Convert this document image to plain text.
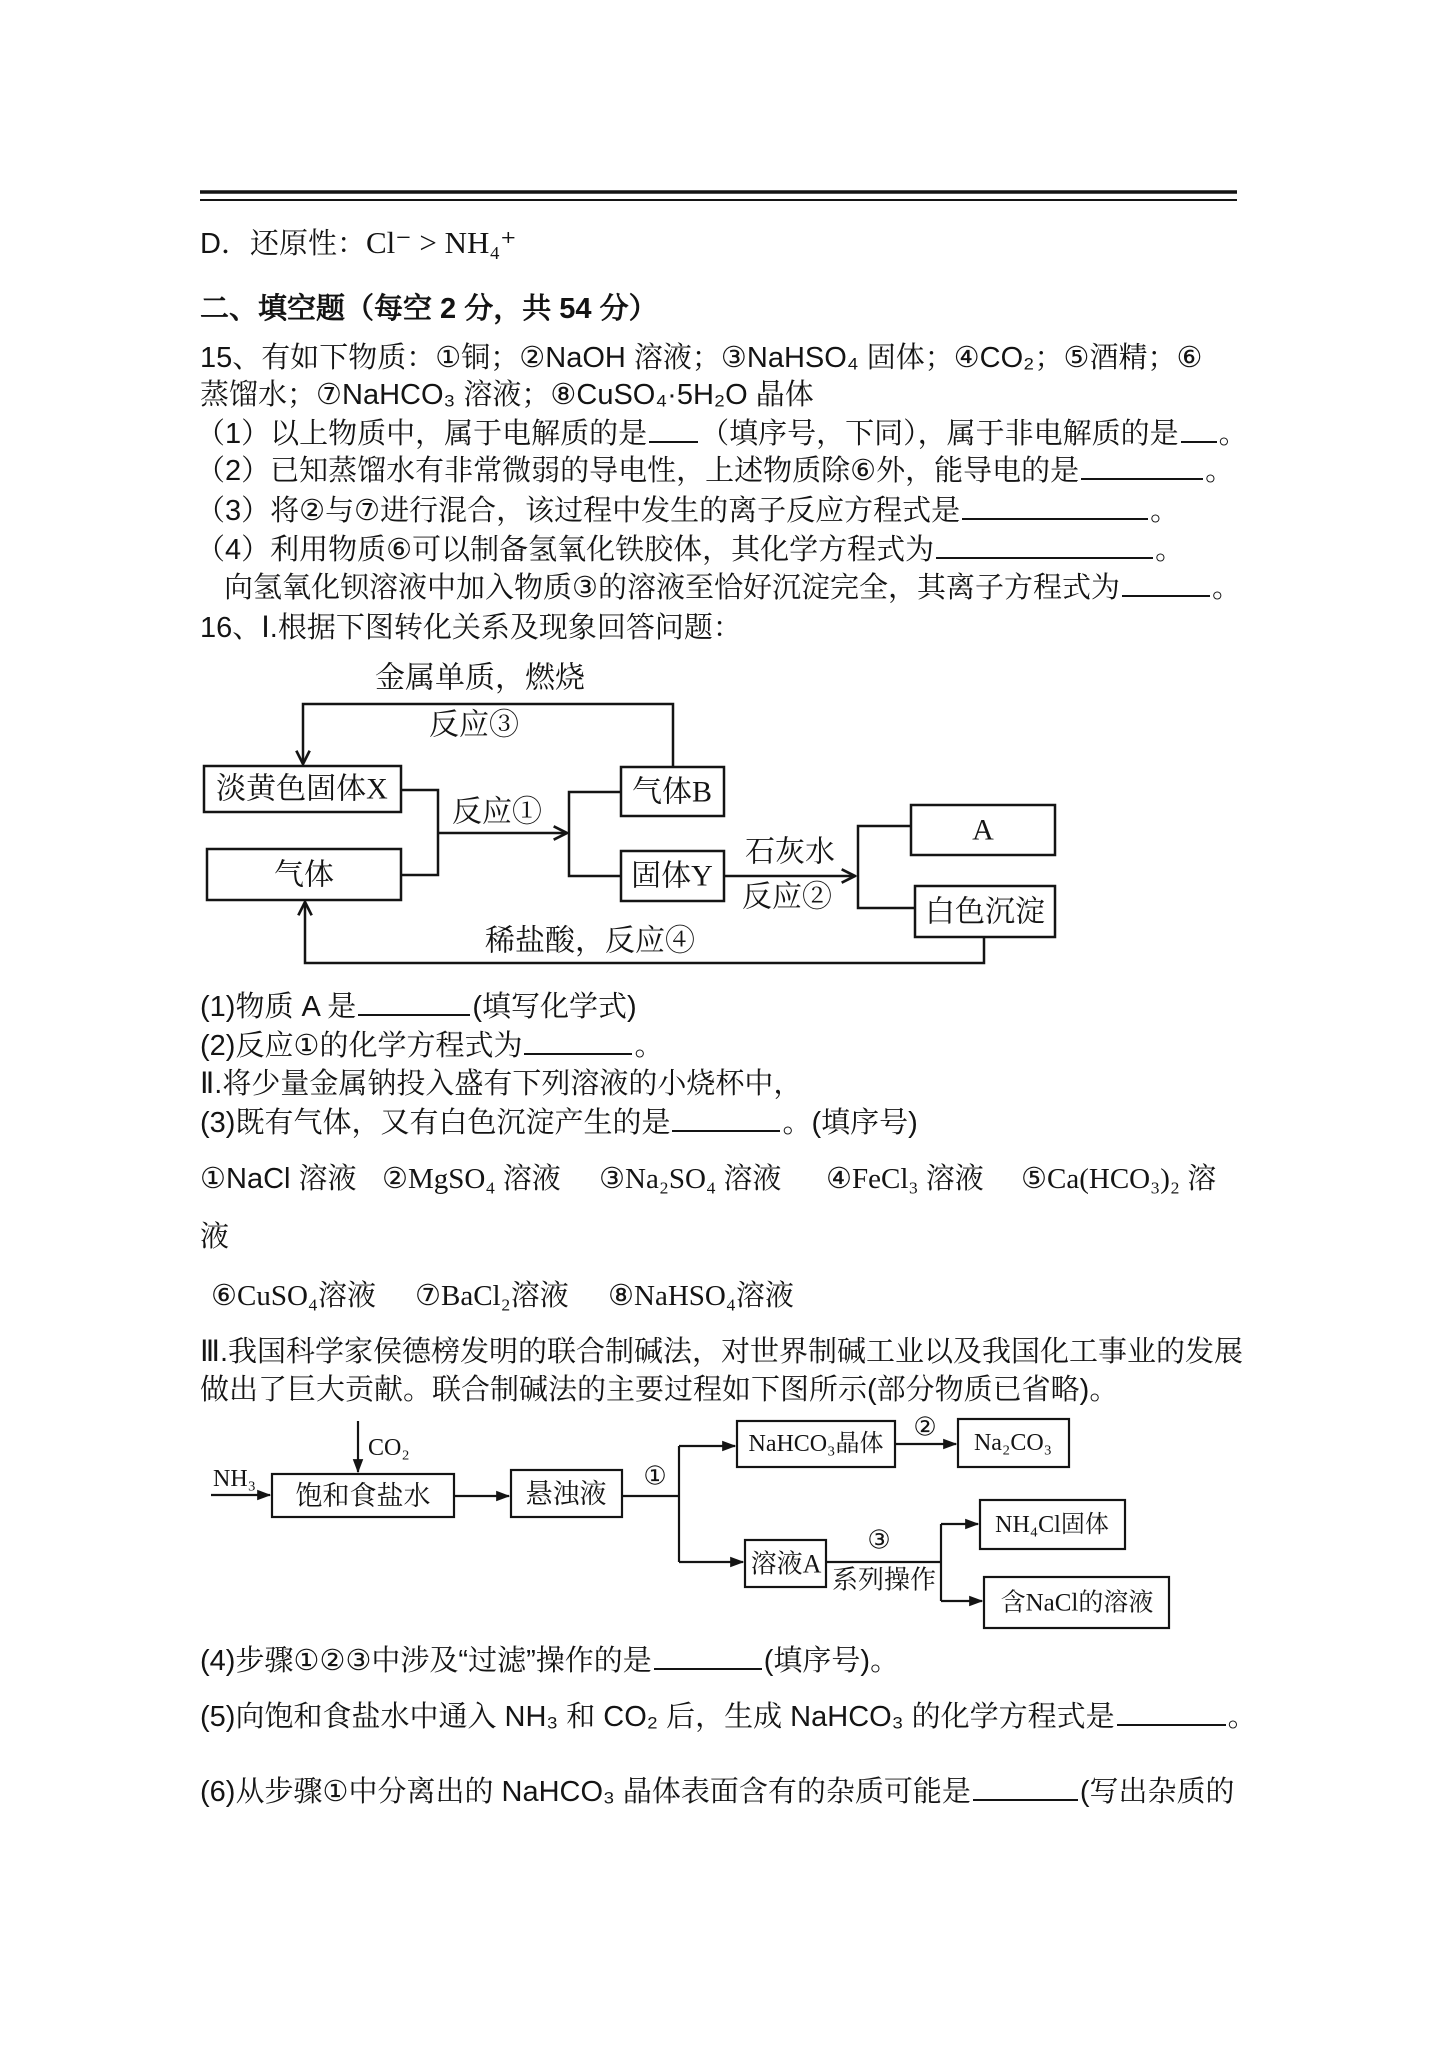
金属单质，燃烧
反应③
淡黄色固体X
气体
反应①
气体B
固体Y
石灰水
反应②
A
白色沉淀
稀盐酸，反应④
CO₂
NH₃
饱和食盐水	悬浊液
①
NaHCO₃晶体
②
Na₂CO₃
溶液A
③
系列操作
NH₄Cl固体
含NaCl的溶液
D．还原性：Cl⁻ > NH₄⁺
二、填空题（每空 2 分，共 54 分）
15、有如下物质：①铜；②NaOH 溶液；③NaHSO₄ 固体；④CO₂；⑤酒精；⑥
蒸馏水；⑦NaHCO₃ 溶液；⑧CuSO₄·5H₂O 晶体
（1）以上物质中，属于电解质的是 （填序号，下同），属于非电解质的是 。
（2）已知蒸馏水有非常微弱的导电性，上述物质除⑥外，能导电的是	。
（3）将②与⑦进行混合，该过程中发生的离子反应方程式是	。
（4）利用物质⑥可以制备氢氧化铁胶体，其化学方程式为	。
向氢氧化钡溶液中加入物质③的溶液至恰好沉淀完全，其离子方程式为	。
16、Ⅰ.根据下图转化关系及现象回答问题：
(1)物质 A 是	(填写化学式)
(2)反应①的化学方程式为	。
Ⅱ.将少量金属钠投入盛有下列溶液的小烧杯中，
(3)既有气体，又有白色沉淀产生的是	。(填序号)
①NaCl 溶液 ②MgSO₄ 溶液 ③Na₂SO₄ 溶液 ④FeCl₃ 溶液 ⑤Ca(HCO₃)₂ 溶
液
⑥CuSO₄溶液 ⑦BaCl₂溶液 ⑧NaHSO₄溶液
Ⅲ.我国科学家侯德榜发明的联合制碱法，对世界制碱工业以及我国化工事业的发展
做出了巨大贡献。联合制碱法的主要过程如下图所示(部分物质已省略)。
(4)步骤①②③中涉及“过滤”操作的是	(填序号)。
(5)向饱和食盐水中通入 NH₃ 和 CO₂ 后，生成 NaHCO₃ 的化学方程式是	。
(6)从步骤①中分离出的 NaHCO₃ 晶体表面含有的杂质可能是	(写出杂质的
